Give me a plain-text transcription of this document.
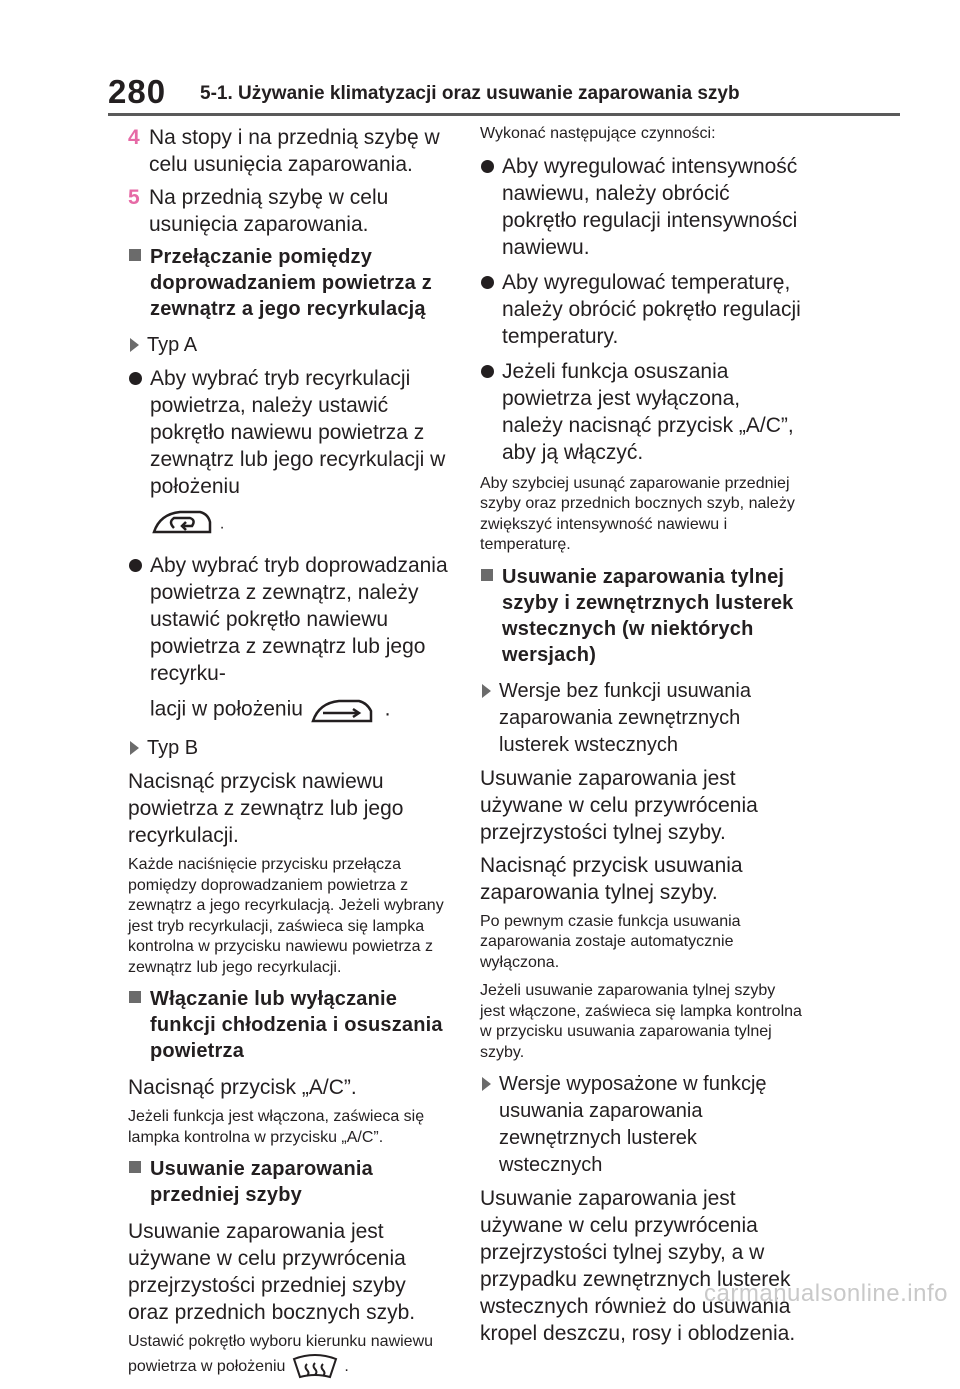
280 5-1. Używanie klimatyzacji oraz usuwanie zaparowania szyb
4 Na stopy i na przednią szybę w celu usunięcia zaparowania.
5 Na przednią szybę w celu usunięcia zaparowania.
Przełączanie pomiędzy doprowadzaniem powietrza z zewnątrz a jego recyrkulacją
Typ A
Aby wybrać tryb recyrkulacji powietrza, należy ustawić pokrętło nawiewu powietrza z zewnątrz lub jego recyrkulacji w położeniu
.
Aby wybrać tryb doprowadzania powietrza z zewnątrz, należy ustawić pokrętło nawiewu powietrza z zewnątrz lub jego recyrku-
lacji w położeniu	.
Typ B

Nacisnąć przycisk nawiewu powietrza z zewnątrz lub jego recyrkulacji.

Każde naciśnięcie przycisku przełącza pomiędzy doprowadzaniem powietrza z zewnątrz a jego recyrkulacją. Jeżeli wybrany jest tryb recyrkulacji, zaświeca się lampka kontrolna w przycisku nawiewu powietrza z zewnątrz lub jego recyrkulacji.

Włączanie lub wyłączanie funkcji chłodzenia i osuszania powietrza

Nacisnąć przycisk „A/C”.

Jeżeli funkcja jest włączona, zaświeca się lampka kontrolna w przycisku „A/C”.

Usuwanie zaparowania przedniej szyby

Usuwanie zaparowania jest używane w celu przywrócenia przejrzystości przedniej szyby oraz przednich bocznych szyb.

Ustawić pokrętło wyboru kierunku nawiewu powietrza w położeniu	.

Wykonać następujące czynności:

Aby wyregulować intensywność nawiewu, należy obrócić pokrętło regulacji intensywności nawiewu.
Aby wyregulować temperaturę, należy obrócić pokrętło regulacji temperatury.
Jeżeli funkcja osuszania powietrza jest wyłączona, należy nacisnąć przycisk „A/C”, aby ją włączyć.

Aby szybciej usunąć zaparowanie przedniej szyby oraz przednich bocznych szyb, należy zwiększyć intensywność nawiewu i temperaturę.

Usuwanie zaparowania tylnej szyby i zewnętrznych lusterek wstecznych (w niektórych wersjach)
Wersje bez funkcji usuwania zaparowania zewnętrznych lusterek wstecznych

Usuwanie zaparowania jest używane w celu przywrócenia przejrzystości tylnej szyby.

Nacisnąć przycisk usuwania zaparowania tylnej szyby.

Po pewnym czasie funkcja usuwania zaparowania zostaje automatycznie wyłączona.

Jeżeli usuwanie zaparowania tylnej szyby jest włączone, zaświeca się lampka kontrolna w przycisku usuwania zaparowania tylnej szyby.

Wersje wyposażone w funkcję usuwania zaparowania zewnętrznych lusterek wstecznych

Usuwanie zaparowania jest używane w celu przywrócenia przejrzystości tylnej szyby, a w przypadku zewnętrznych lusterek wstecznych również do usuwania kropel deszczu, rosy i oblodzenia.

carmanualsonline.info
